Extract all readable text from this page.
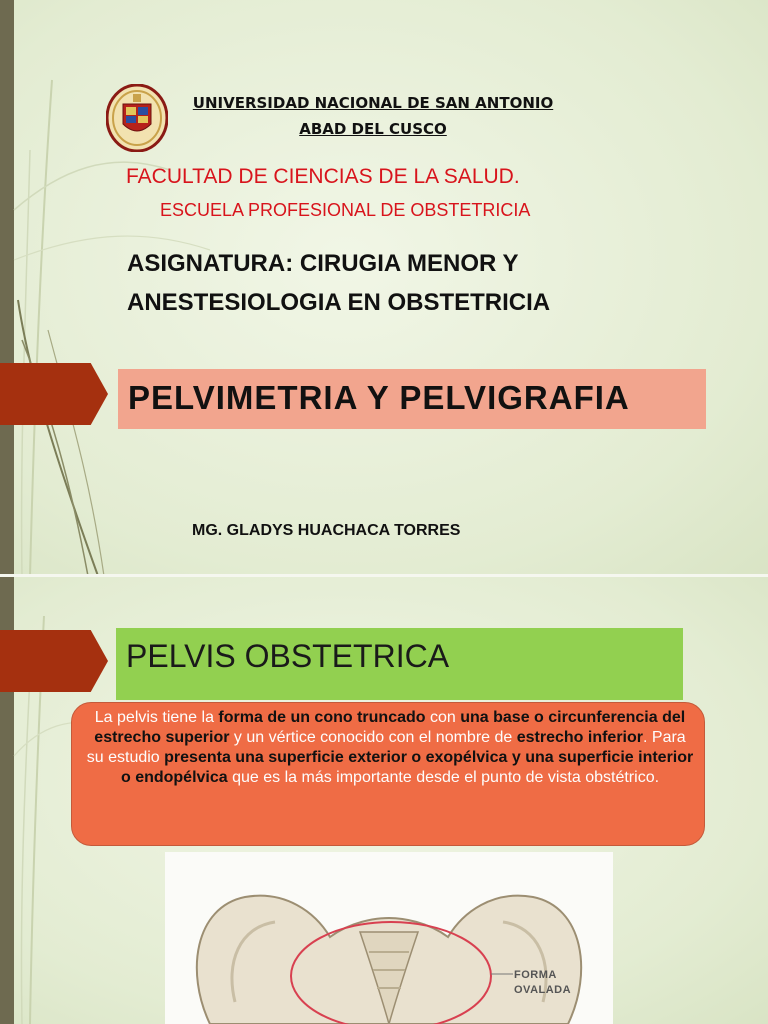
UNIVERSIDAD NACIONAL DE SAN ANTONIO
ABAD DEL CUSCO
FACULTAD DE CIENCIAS DE LA SALUD.
ESCUELA PROFESIONAL DE OBSTETRICIA
ASIGNATURA: CIRUGIA MENOR Y
ANESTESIOLOGIA EN OBSTETRICIA
PELVIMETRIA Y PELVIGRAFIA
MG. GLADYS HUACHACA TORRES
PELVIS OBSTETRICA
La pelvis tiene la forma de un cono truncado con una base o circunferencia del estrecho superior y un vértice conocido con el nombre de estrecho inferior. Para su estudio presenta una superficie exterior o exopélvica y una superficie interior o endopélvica que es la más importante desde el punto de vista obstétrico.
FORMA
OVALADA
